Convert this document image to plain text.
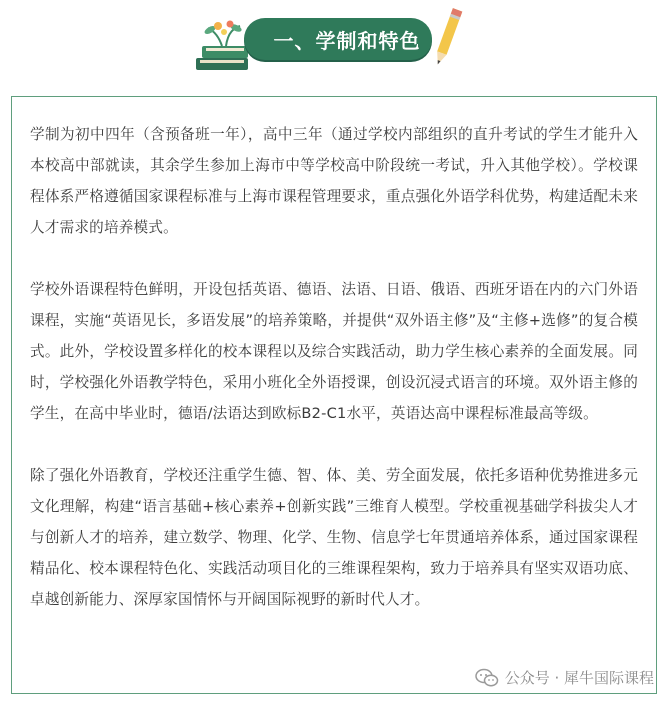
一、学制和特色

学制为初中四年（含预备班一年），高中三年（通过学校内部组织的直升考试的学生才能升入本校高中部就读，其余学生参加上海市中等学校高中阶段统一考试，升入其他学校）。学校课程体系严格遵循国家课程标准与上海市课程管理要求，重点强化外语学科优势，构建适配未来人才需求的培养模式。

学校外语课程特色鲜明，开设包括英语、德语、法语、日语、俄语、西班牙语在内的六门外语课程，实施“英语见长，多语发展”的培养策略，并提供“双外语主修”及“主修+选修”的复合模式。此外，学校设置多样化的校本课程以及综合实践活动，助力学生核心素养的全面发展。同时，学校强化外语教学特色，采用小班化全外语授课，创设沉浸式语言的环境。双外语主修的学生，在高中毕业时，德语/法语达到欧标B2-C1水平，英语达高中课程标准最高等级。

除了强化外语教育，学校还注重学生德、智、体、美、劳全面发展，依托多语种优势推进多元文化理解，构建“语言基础+核心素养+创新实践”三维育人模型。学校重视基础学科拔尖人才与创新人才的培养，建立数学、物理、化学、生物、信息学七年贯通培养体系，通过国家课程精品化、校本课程特色化、实践活动项目化的三维课程架构，致力于培养具有坚实双语功底、卓越创新能力、深厚家国情怀与开阔国际视野的新时代人才。

公众号 · 犀牛国际课程
